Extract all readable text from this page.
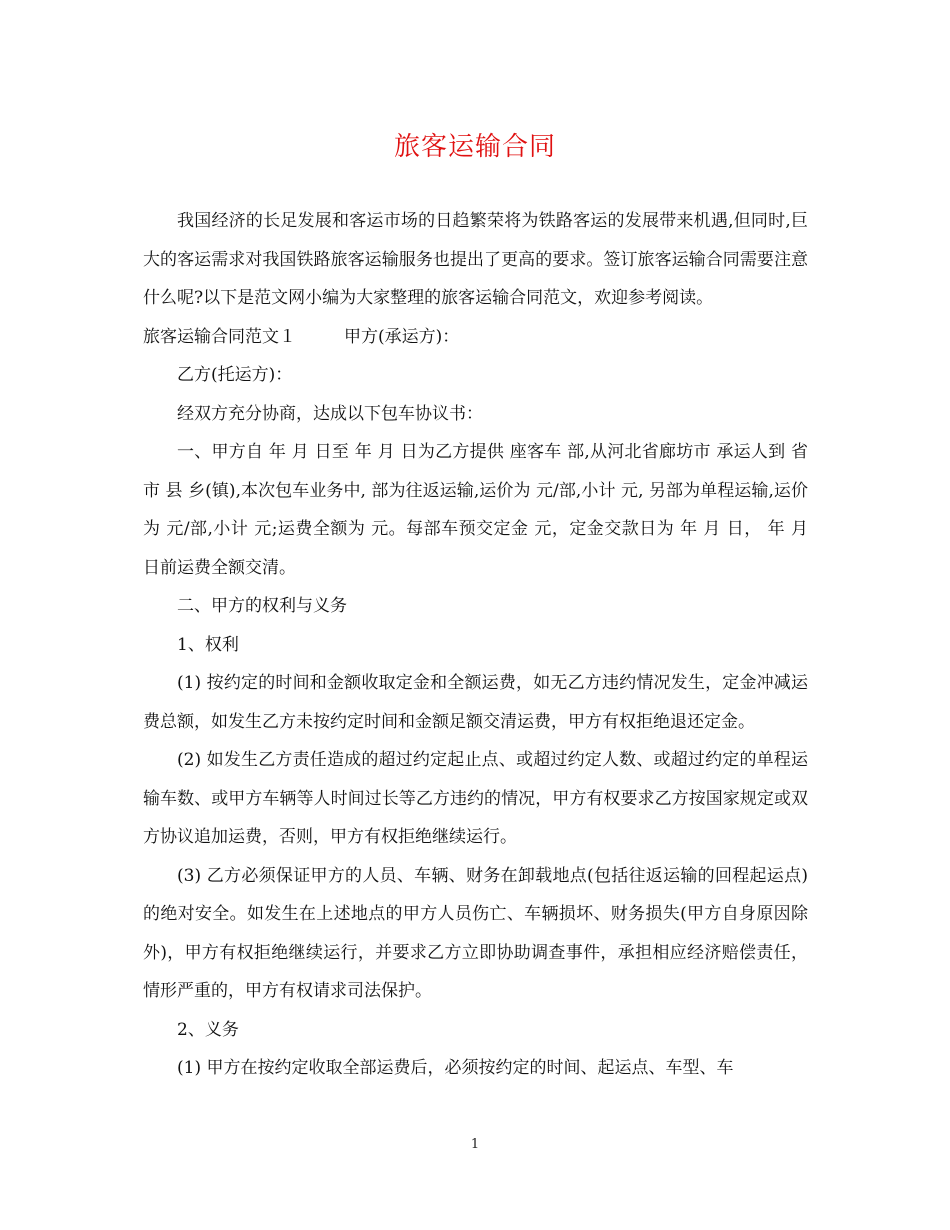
旅客运输合同

我国经济的长足发展和客运市场的日趋繁荣将为铁路客运的发展带来机遇,但同时,巨大的客运需求对我国铁路旅客运输服务也提出了更高的要求。签订旅客运输合同需要注意什么呢?以下是范文网小编为大家整理的旅客运输合同范文，欢迎参考阅读。

旅客运输合同范文１	甲方(承运方)：

乙方(托运方)：

经双方充分协商，达成以下包车协议书：

一、甲方自 年 月 日至 年 月 日为乙方提供 座客车 部,从河北省廊坊市 承运人到 省 市 县 乡(镇),本次包车业务中, 部为往返运输,运价为 元/部,小计 元, 另部为单程运输,运价为 元/部,小计 元;运费全额为 元。每部车预交定金 元，定金交款日为 年 月 日， 年 月 日前运费全额交清。

二、甲方的权利与义务

1、权利

(1) 按约定的时间和金额收取定金和全额运费，如无乙方违约情况发生，定金冲减运费总额，如发生乙方未按约定时间和金额足额交清运费，甲方有权拒绝退还定金。

(2) 如发生乙方责任造成的超过约定起止点、或超过约定人数、或超过约定的单程运输车数、或甲方车辆等人时间过长等乙方违约的情况，甲方有权要求乙方按国家规定或双方协议追加运费，否则，甲方有权拒绝继续运行。

(3) 乙方必须保证甲方的人员、车辆、财务在卸载地点(包括往返运输的回程起运点)的绝对安全。如发生在上述地点的甲方人员伤亡、车辆损坏、财务损失(甲方自身原因除外)，甲方有权拒绝继续运行，并要求乙方立即协助调查事件，承担相应经济赔偿责任，情形严重的，甲方有权请求司法保护。

2、义务

(1) 甲方在按约定收取全部运费后，必须按约定的时间、起运点、车型、车

1
